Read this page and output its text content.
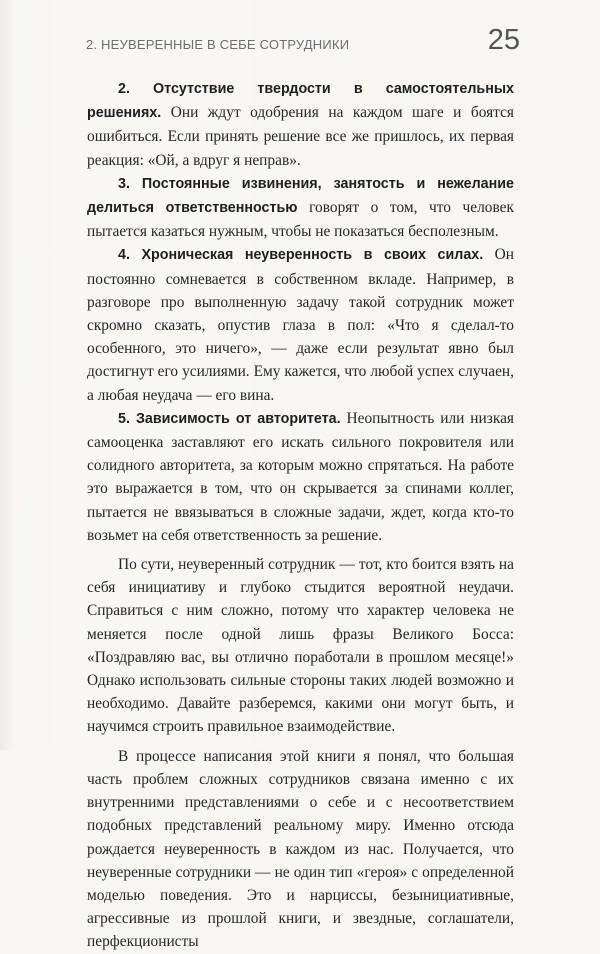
2. НЕУВЕРЕННЫЕ В СЕБЕ СОТРУДНИКИ	25

2. Отсутствие твердости в самостоятельных решениях. Они ждут одобрения на каждом шаге и боятся ошибиться. Если принять решение все же пришлось, их первая реакция: «Ой, а вдруг я неправ».

3. Постоянные извинения, занятость и нежелание делиться ответственностью говорят о том, что человек пытается казаться нужным, чтобы не показаться бесполезным.

4. Хроническая неуверенность в своих силах. Он постоянно сомневается в собственном вкладе. Например, в разговоре про выполненную задачу такой сотрудник может скромно сказать, опустив глаза в пол: «Что я сделал-то особенного, это ничего», — даже если результат явно был достигнут его усилиями. Ему кажется, что любой успех случаен, а любая неудача — его вина.

5. Зависимость от авторитета. Неопытность или низкая самооценка заставляют его искать сильного покровителя или солидного авторитета, за которым можно спрятаться. На работе это выражается в том, что он скрывается за спинами коллег, пытается не ввязываться в сложные задачи, ждет, когда кто-то возьмет на себя ответственность за решение.

По сути, неуверенный сотрудник — тот, кто боится взять на себя инициативу и глубоко стыдится вероятной неудачи. Справиться с ним сложно, потому что характер человека не меняется после одной лишь фразы Великого Босса: «Поздравляю вас, вы отлично поработали в прошлом месяце!» Однако использовать сильные стороны таких людей возможно и необходимо. Давайте разберемся, какими они могут быть, и научимся строить правильное взаимодействие.

В процессе написания этой книги я понял, что большая часть проблем сложных сотрудников связана именно с их внутренними представлениями о себе и с несоответствием подобных представлений реальному миру. Именно отсюда рождается неуверенность в каждом из нас. Получается, что неуверенные сотрудники — не один тип «героя» с определенной моделью поведения. Это и нарциссы, безынициативные, агрессивные из прошлой книги, и звездные, соглашатели, перфекционисты
